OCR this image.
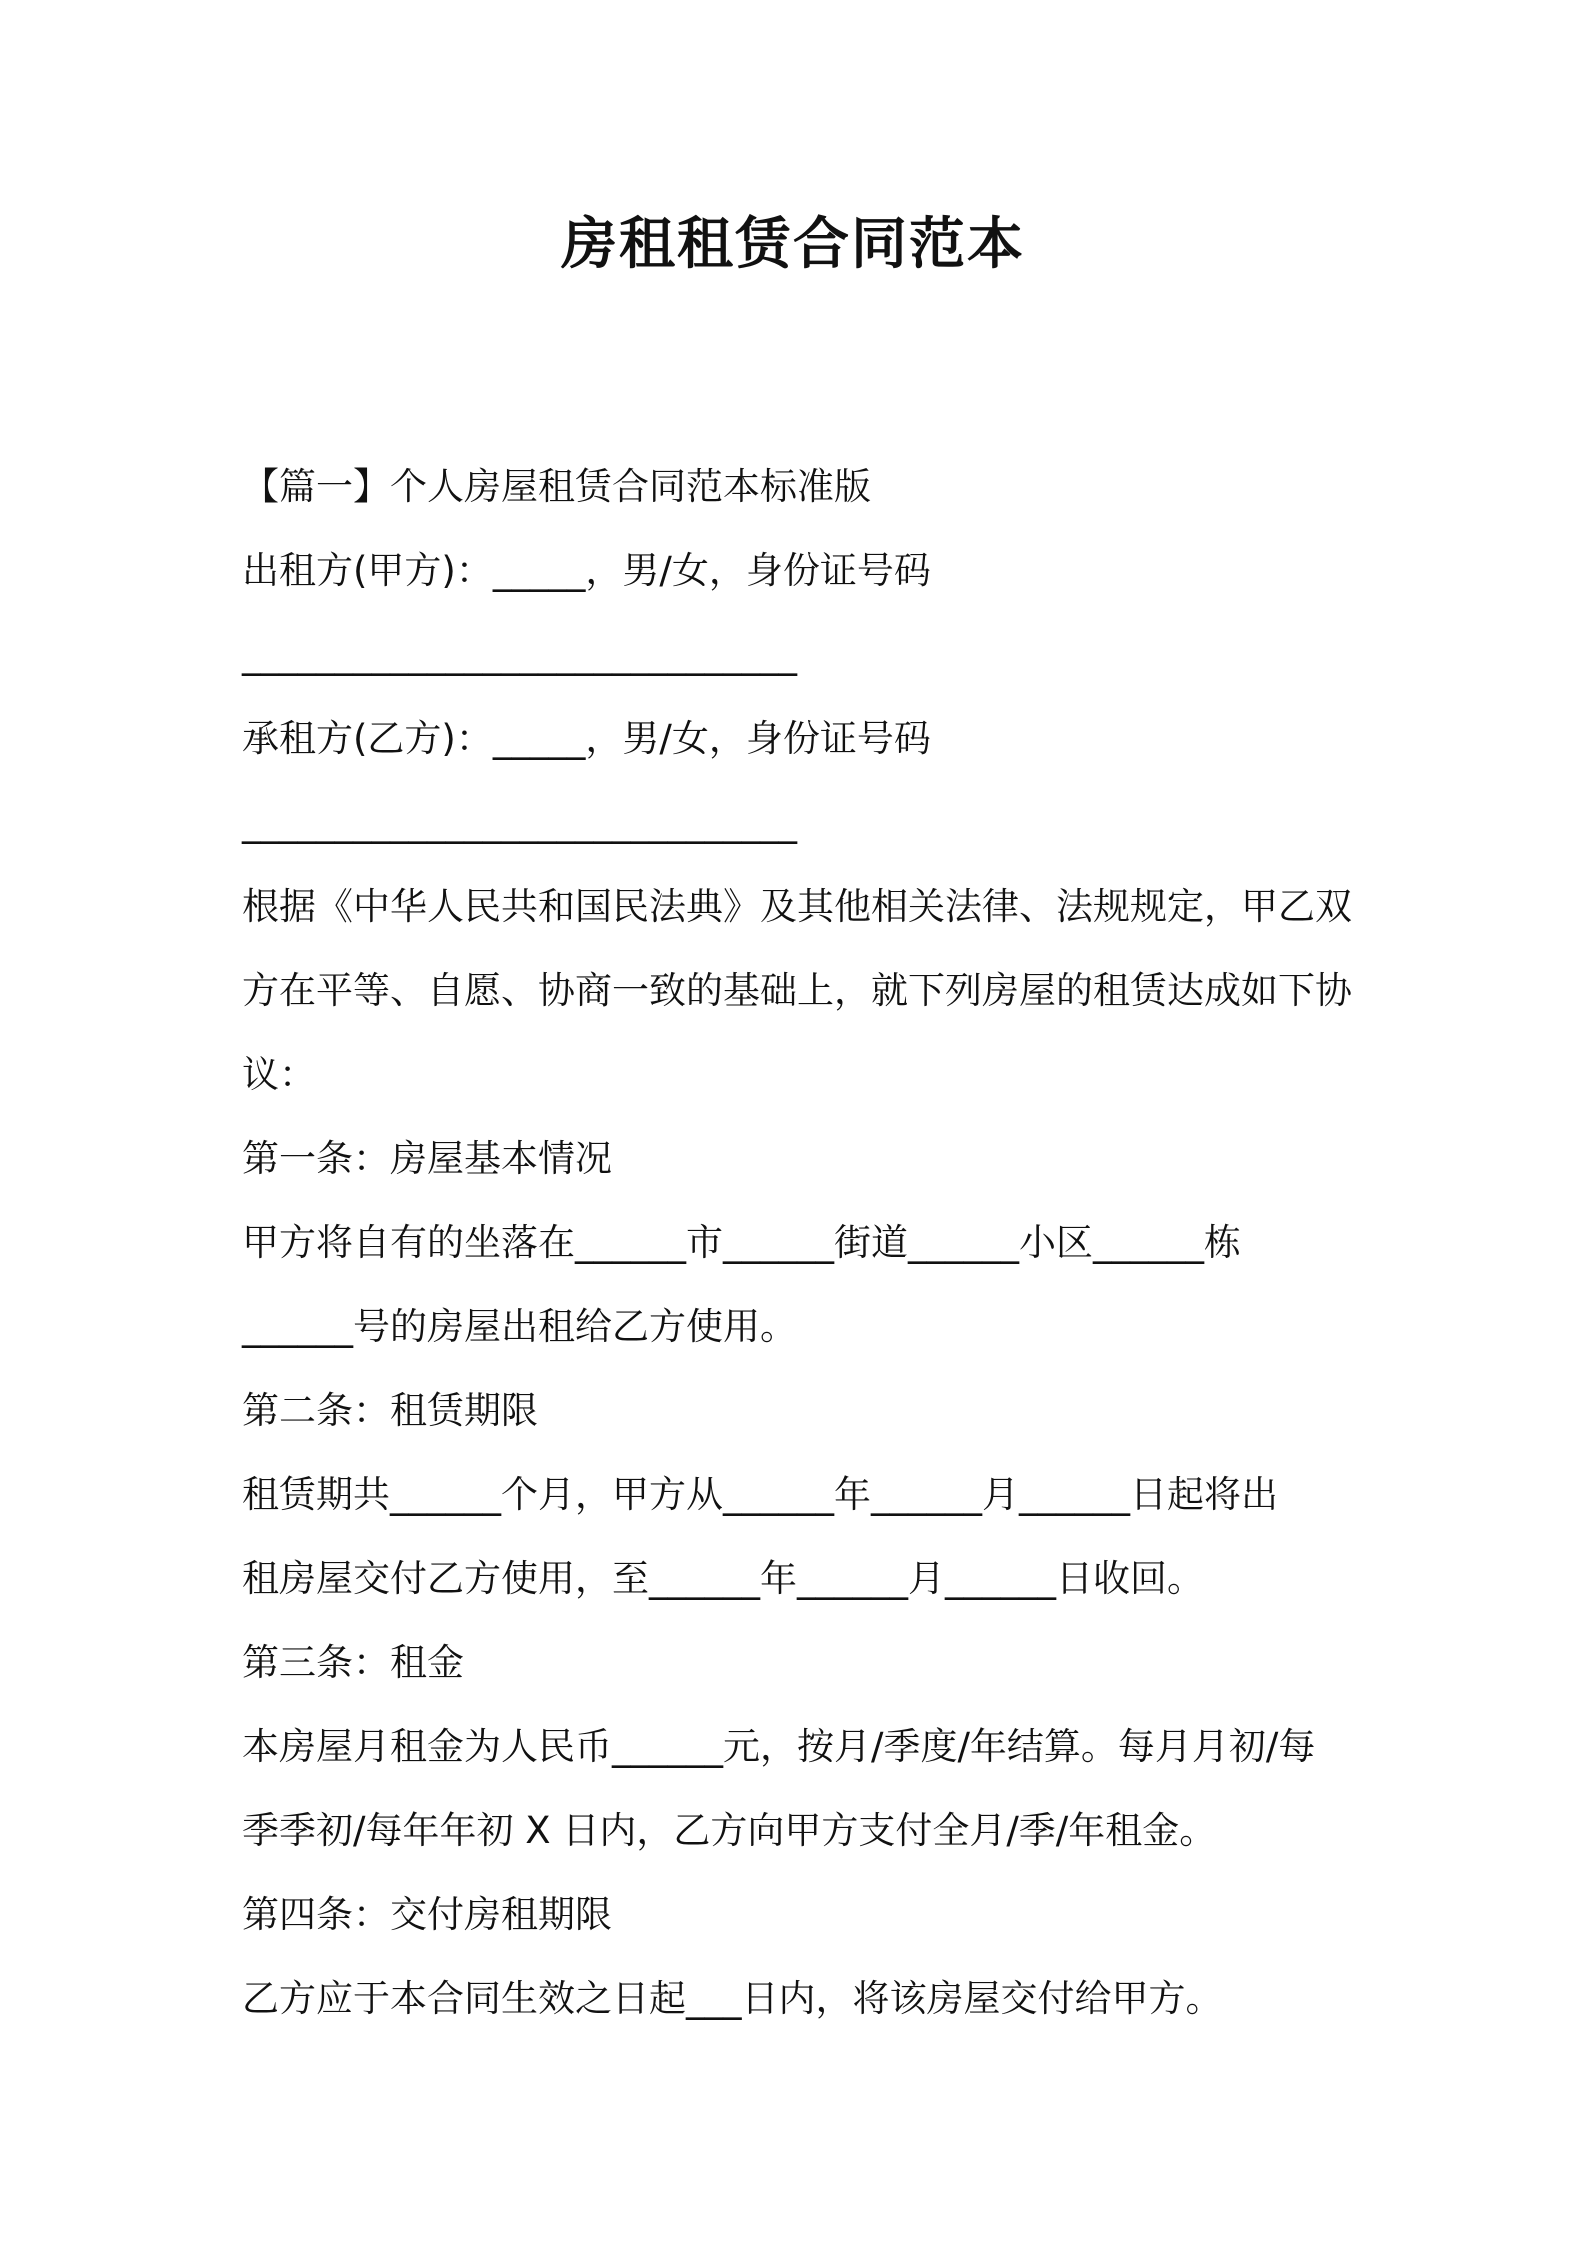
房租租赁合同范本
【篇一】个人房屋租赁合同范本标准版
出租方(甲方)：_____，男/女，身份证号码
______________________________
承租方(乙方)：_____，男/女，身份证号码
______________________________
根据《中华人民共和国民法典》及其他相关法律、法规规定，甲乙双
方在平等、自愿、协商一致的基础上，就下列房屋的租赁达成如下协
议：
第一条：房屋基本情况
甲方将自有的坐落在______市______街道______小区______栋
______号的房屋出租给乙方使用。
第二条：租赁期限
租赁期共______个月，甲方从______年______月______日起将出
租房屋交付乙方使用，至______年______月______日收回。
第三条：租金
本房屋月租金为人民币______元，按月/季度/年结算。每月月初/每
季季初/每年年初 X 日内，乙方向甲方支付全月/季/年租金。
第四条：交付房租期限
乙方应于本合同生效之日起___日内，将该房屋交付给甲方。
